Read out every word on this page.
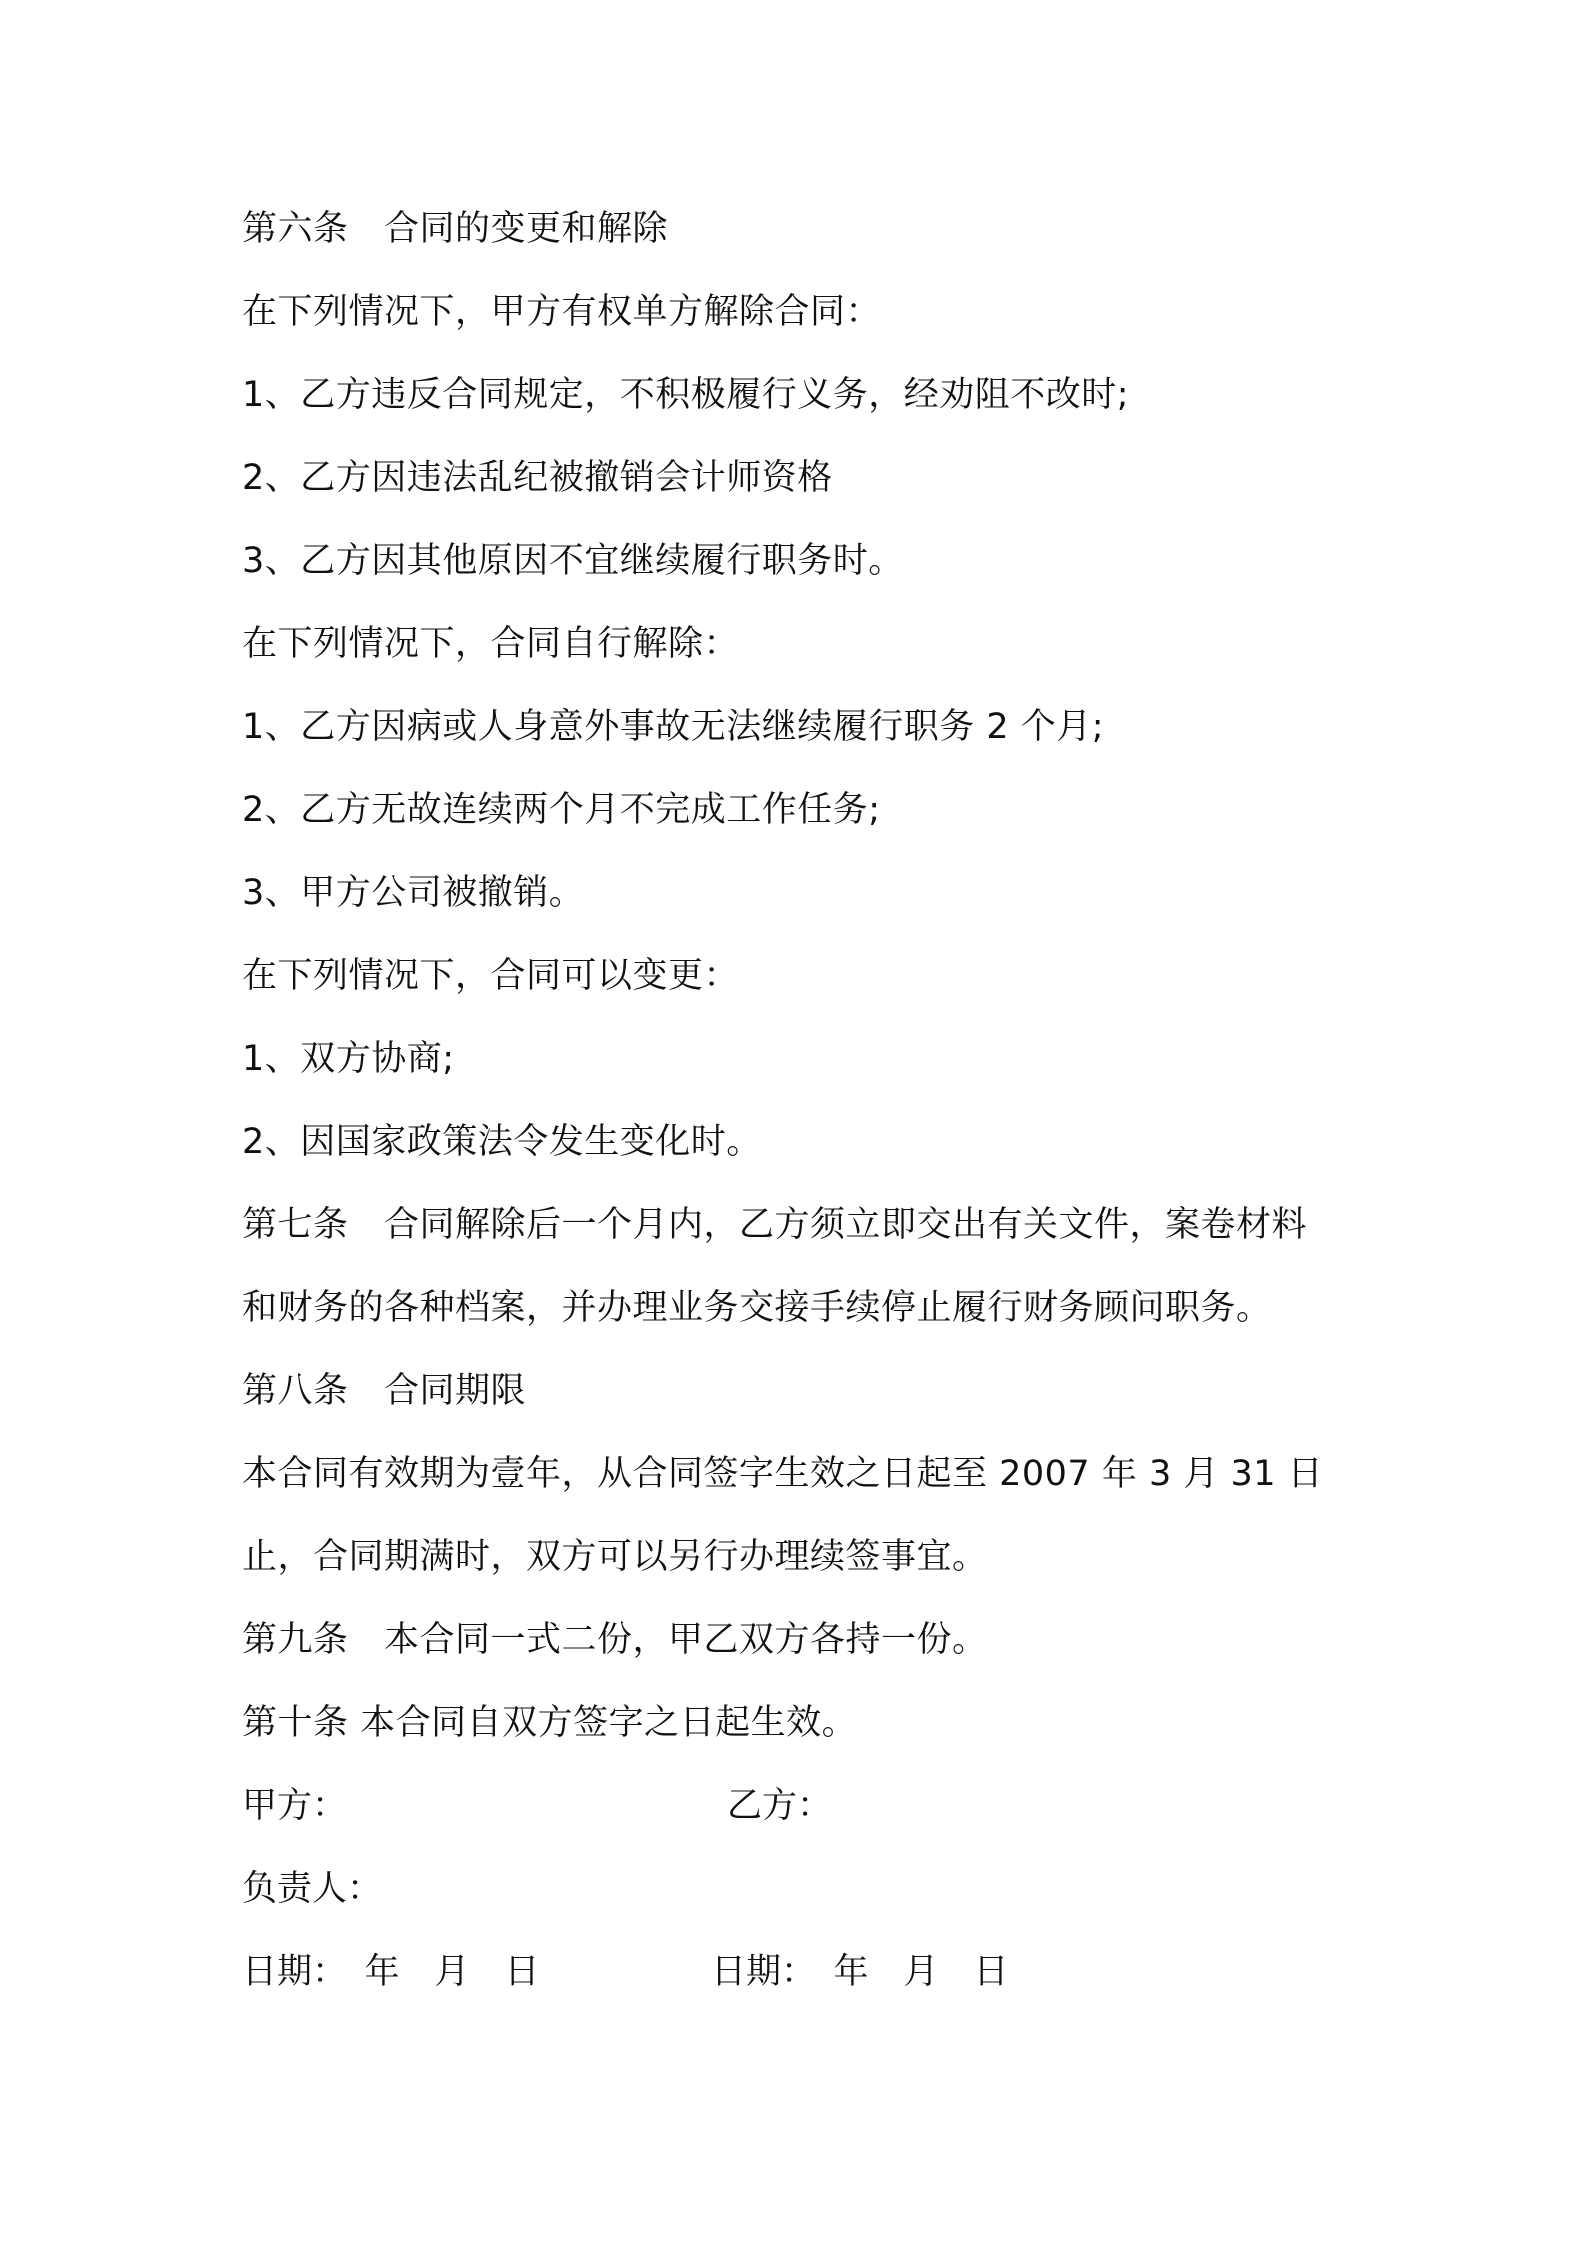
第六条　合同的变更和解除
在下列情况下，甲方有权单方解除合同：
1、乙方违反合同规定，不积极履行义务，经劝阻不改时;
2、乙方因违法乱纪被撤销会计师资格
3、乙方因其他原因不宜继续履行职务时。
在下列情况下，合同自行解除：
1、乙方因病或人身意外事故无法继续履行职务 2 个月;
2、乙方无故连续两个月不完成工作任务;
3、甲方公司被撤销。
在下列情况下，合同可以变更：
1、双方协商;
2、因国家政策法令发生变化时。
第七条　合同解除后一个月内，乙方须立即交出有关文件，案卷材料
和财务的各种档案，并办理业务交接手续停止履行财务顾问职务。
第八条　合同期限
本合同有效期为壹年，从合同签字生效之日起至 2007 年 3 月 31 日
止，合同期满时，双方可以另行办理续签事宜。
第九条　本合同一式二份，甲乙双方各持一份。
第十条 本合同自双方签字之日起生效。
甲方：	乙方：
负责人：
日期：　年　月　日	日期：　年　月　日
